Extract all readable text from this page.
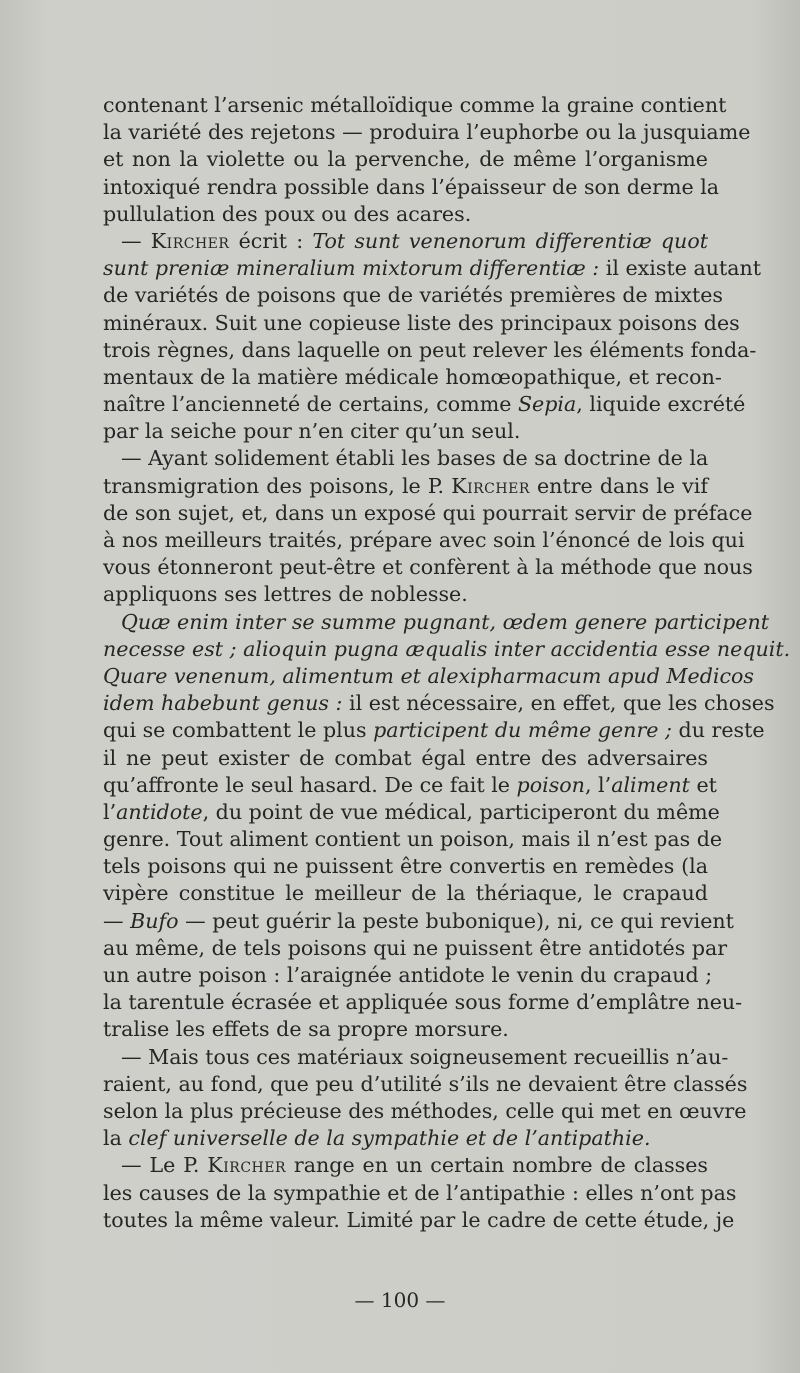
contenant l’arsenic métalloïdique comme la graine contient
la variété des rejetons — produira l’euphorbe ou la jusquiame
et non la violette ou la pervenche, de même l’organisme
intoxiqué rendra possible dans l’épaisseur de son derme la
pullulation des poux ou des acares.
— Kircher écrit : Tot sunt venenorum differentiæ quot
sunt preniæ mineralium mixtorum differentiæ : il existe autant
de variétés de poisons que de variétés premières de mixtes
minéraux. Suit une copieuse liste des principaux poisons des
trois règnes, dans laquelle on peut relever les éléments fonda-
mentaux de la matière médicale homœopathique, et recon-
naître l’ancienneté de certains, comme Sepia, liquide excrété
par la seiche pour n’en citer qu’un seul.
— Ayant solidement établi les bases de sa doctrine de la
transmigration des poisons, le P. Kircher entre dans le vif
de son sujet, et, dans un exposé qui pourrait servir de préface
à nos meilleurs traités, prépare avec soin l’énoncé de lois qui
vous étonneront peut-être et confèrent à la méthode que nous
appliquons ses lettres de noblesse.
Quæ enim inter se summe pugnant, œdem genere participent
necesse est ; alioquin pugna æqualis inter accidentia esse nequit.
Quare venenum, alimentum et alexipharmacum apud Medicos
idem habebunt genus : il est nécessaire, en effet, que les choses
qui se combattent le plus participent du même genre ; du reste
il ne peut exister de combat égal entre des adversaires
qu’affronte le seul hasard. De ce fait le poison, l’aliment et
l’antidote, du point de vue médical, participeront du même
genre. Tout aliment contient un poison, mais il n’est pas de
tels poisons qui ne puissent être convertis en remèdes (la
vipère constitue le meilleur de la thériaque, le crapaud
— Bufo — peut guérir la peste bubonique), ni, ce qui revient
au même, de tels poisons qui ne puissent être antidotés par
un autre poison : l’araignée antidote le venin du crapaud ;
la tarentule écrasée et appliquée sous forme d’emplâtre neu-
tralise les effets de sa propre morsure.
— Mais tous ces matériaux soigneusement recueillis n’au-
raient, au fond, que peu d’utilité s’ils ne devaient être classés
selon la plus précieuse des méthodes, celle qui met en œuvre
la clef universelle de la sympathie et de l’antipathie.
— Le P. Kircher range en un certain nombre de classes
les causes de la sympathie et de l’antipathie : elles n’ont pas
toutes la même valeur. Limité par le cadre de cette étude, je
— 100 —
